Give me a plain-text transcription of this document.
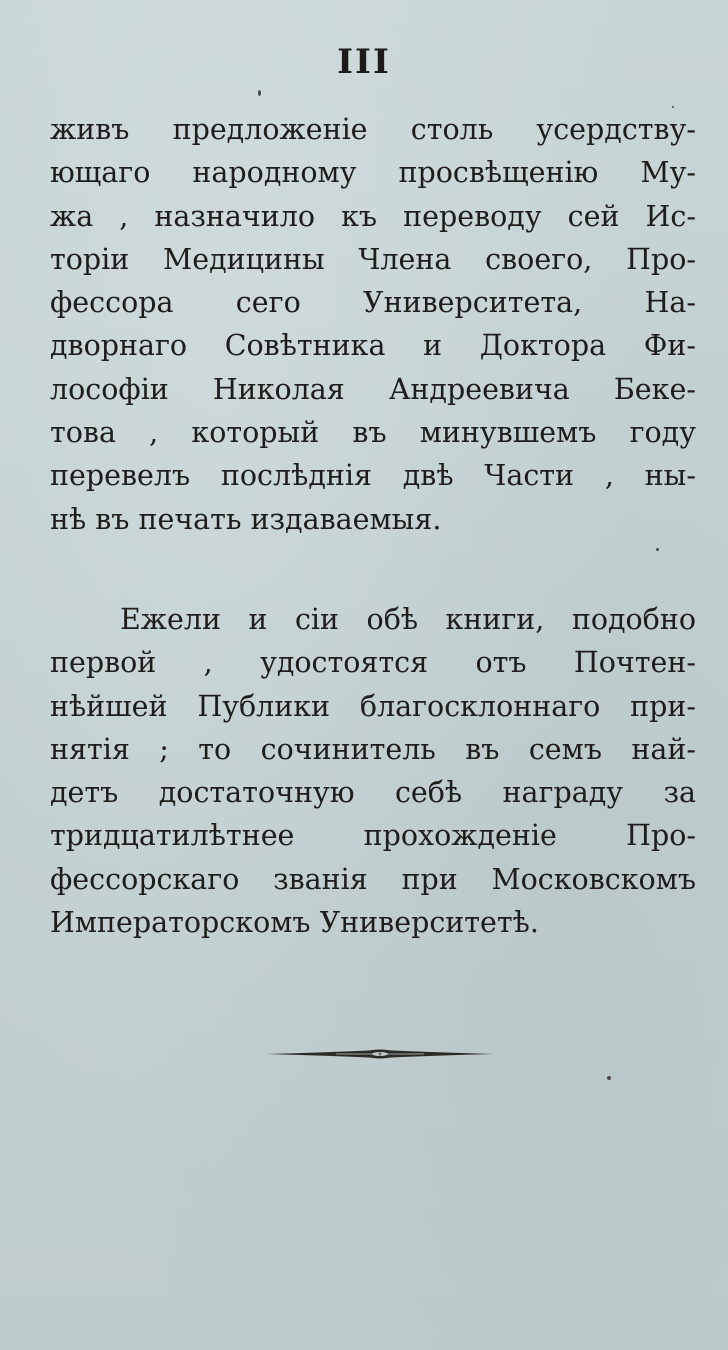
III
живъ предложенiе столь усердству-
ющаго народному просвѣщенiю Му-
жа , назначило къ переводу сей Ис-
торiи Медицины Члена своего, Про-
фессора сего Университета, На-
дворнаго Совѣтника и Доктора Фи-
лософiи Николая Андреевича Беке-
това , который въ минувшемъ году
перевелъ послѣднiя двѣ Части , ны-
нѣ въ печать издаваемыя.
Ежели и сiи обѣ книги, подобно
первой , удостоятся отъ Почтен-
нѣйшей Публики благосклоннаго при-
нятiя ; то сочинитель въ семъ най-
детъ достаточную себѣ награду за
тридцатилѣтнее прохожденiе Про-
фессорскаго званiя при Московскомъ
Императорскомъ Университетѣ.
